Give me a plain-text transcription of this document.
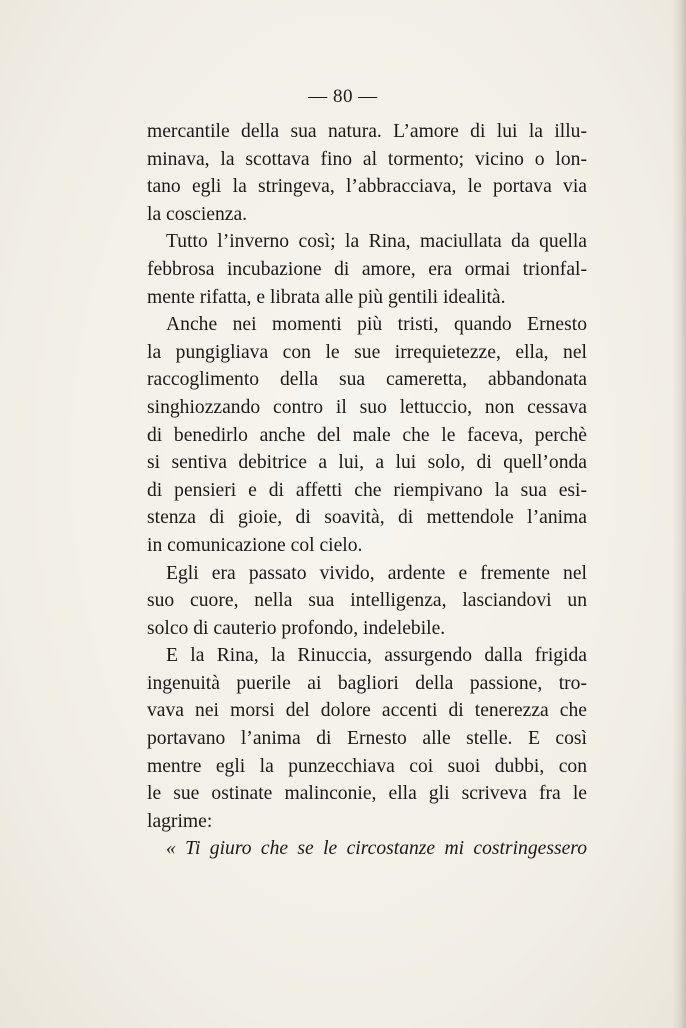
— 80 —
mercantile della sua natura. L’amore di lui la illu-
minava, la scottava fino al tormento; vicino o lon-
tano egli la stringeva, l’abbracciava, le portava via
la coscienza.
Tutto l’inverno così; la Rina, maciullata da quella
febbrosa incubazione di amore, era ormai trionfal-
mente rifatta, e librata alle più gentili idealità.
Anche nei momenti più tristi, quando Ernesto
la pungigliava con le sue irrequietezze, ella, nel
raccoglimento della sua cameretta, abbandonata
singhiozzando contro il suo lettuccio, non cessava
di benedirlo anche del male che le faceva, perchè
si sentiva debitrice a lui, a lui solo, di quell’onda
di pensieri e di affetti che riempivano la sua esi-
stenza di gioie, di soavità, di mettendole l’anima
in comunicazione col cielo.
Egli era passato vivido, ardente e fremente nel
suo cuore, nella sua intelligenza, lasciandovi un
solco di cauterio profondo, indelebile.
E la Rina, la Rinuccia, assurgendo dalla frigida
ingenuità puerile ai bagliori della passione, tro-
vava nei morsi del dolore accenti di tenerezza che
portavano l’anima di Ernesto alle stelle. E così
mentre egli la punzecchiava coi suoi dubbi, con
le sue ostinate malinconie, ella gli scriveva fra le
lagrime:
« Ti giuro che se le circostanze mi costringessero
